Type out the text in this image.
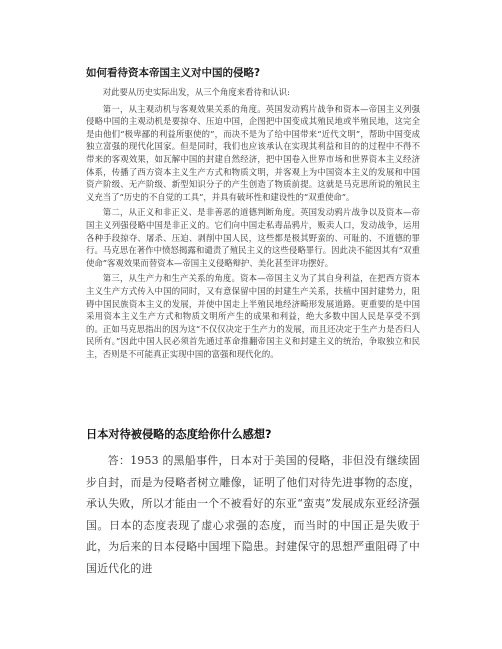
如何看待资本帝国主义对中国的侵略?

对此要从历史实际出发，从三个角度来看待和认识:

第一，从主观动机与客观效果关系的角度。英国发动鸦片战争和资本—帝国主义列强侵略中国的主观动机是要掠夺、压迫中国，企图把中国变成其殖民地或半殖民地，这完全是由他们“极卑鄙的利益所驱使的”，而决不是为了给中国带来“近代文明”，帮助中国变成独立富强的现代化国家。但是同时，我们也应该承认在实现其利益和目的的过程中不得不带来的客观效果，如瓦解中国的封建自然经济，把中国卷入世界市场和世界资本主义经济体系，传播了西方资本主义生产方式和物质文明，并客观上为中国资本主义的发展和中国资产阶级、无产阶级、新型知识分子的产生创造了物质前提。这就是马克思所说的殖民主义充当了“历史的不自觉的工具”，并具有破坏性和建设性的“双重使命”。

第二，从正义和非正义、是非善恶的道德判断角度。英国发动鸦片战争以及资本—帝国主义列强侵略中国是非正义的。它们向中国走私毒品鸦片，贩卖人口，发动战争，运用各种手段掠夺、屠杀、压迫、剥削中国人民，这些都是极其野蛮的、可耻的、不道德的罪行。马克思在著作中愤怒揭露和谴责了殖民主义的这些侵略罪行。因此决不能因其有“双重使命”客观效果而替资本—帝国主义侵略辩护、美化甚至评功摆好。

第三，从生产力和生产关系的角度。资本—帝国主义为了其自身利益，在把西方资本主义生产方式传入中国的同时，又有意保留中国的封建生产关系，扶植中国封建势力，阻碍中国民族资本主义的发展，并使中国走上半殖民地经济畸形发展道路。更重要的是中国采用资本主义生产方式和物质文明所产生的成果和利益，绝大多数中国人民是享受不到的。正如马克思指出的因为这“不仅仅决定于生产力的发展，而且还决定于生产力是否归人民所有。”因此中国人民必须首先通过革命推翻帝国主义和封建主义的统治，争取独立和民主，否则是不可能真正实现中国的富强和现代化的。

日本对待被侵略的态度给你什么感想?

答：1953 的黑船事件，日本对于美国的侵略，非但没有继续固步自封，而是为侵略者树立雕像，证明了他们对待先进事物的态度，承认失败，所以才能由一个不被看好的东亚“蛮夷”发展成东亚经济强国。日本的态度表现了虚心求强的态度，而当时的中国正是失败于此，为后来的日本侵略中国埋下隐患。封建保守的思想严重阻碍了中国近代化的进
